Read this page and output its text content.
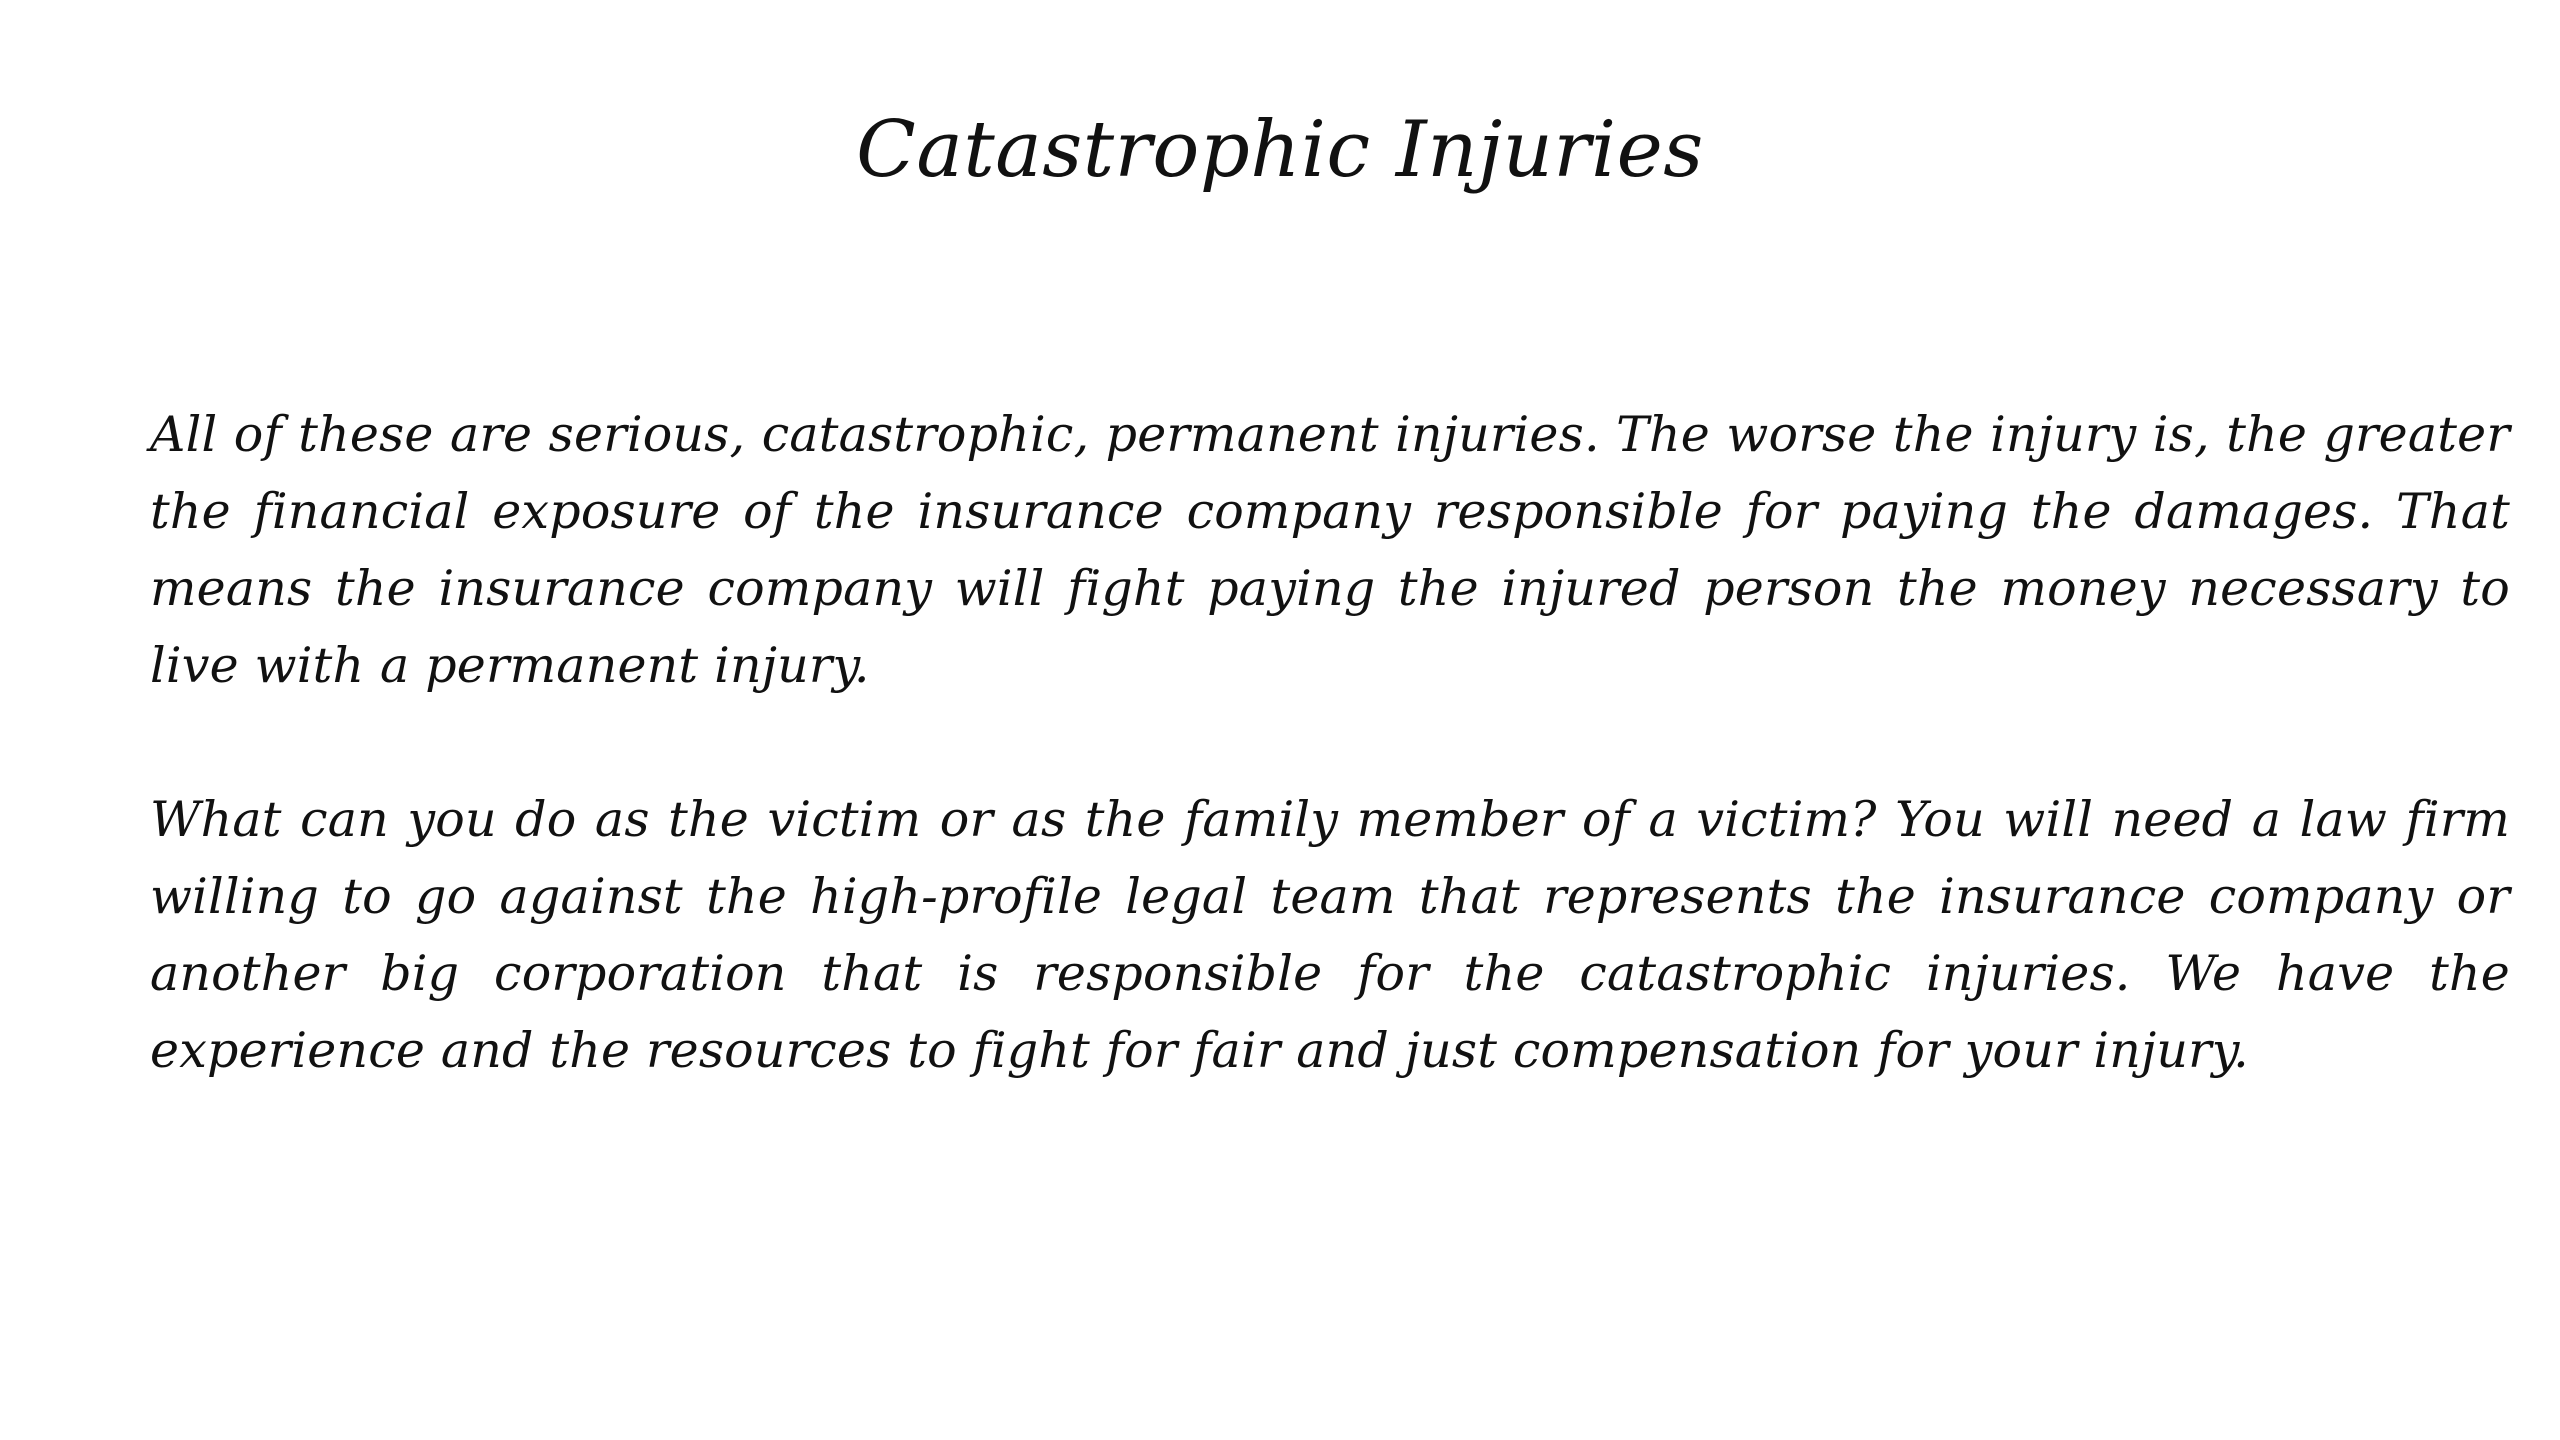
Catastrophic Injuries

All of these are serious, catastrophic, permanent injuries. The worse the injury is, the greater the financial exposure of the insurance company responsible for paying the damages. That means the insurance company will fight paying the injured person the money necessary to live with a permanent injury.

What can you do as the victim or as the family member of a victim? You will need a law firm willing to go against the high-profile legal team that represents the insurance company or another big corporation that is responsible for the catastrophic injuries. We have the experience and the resources to fight for fair and just compensation for your injury.
